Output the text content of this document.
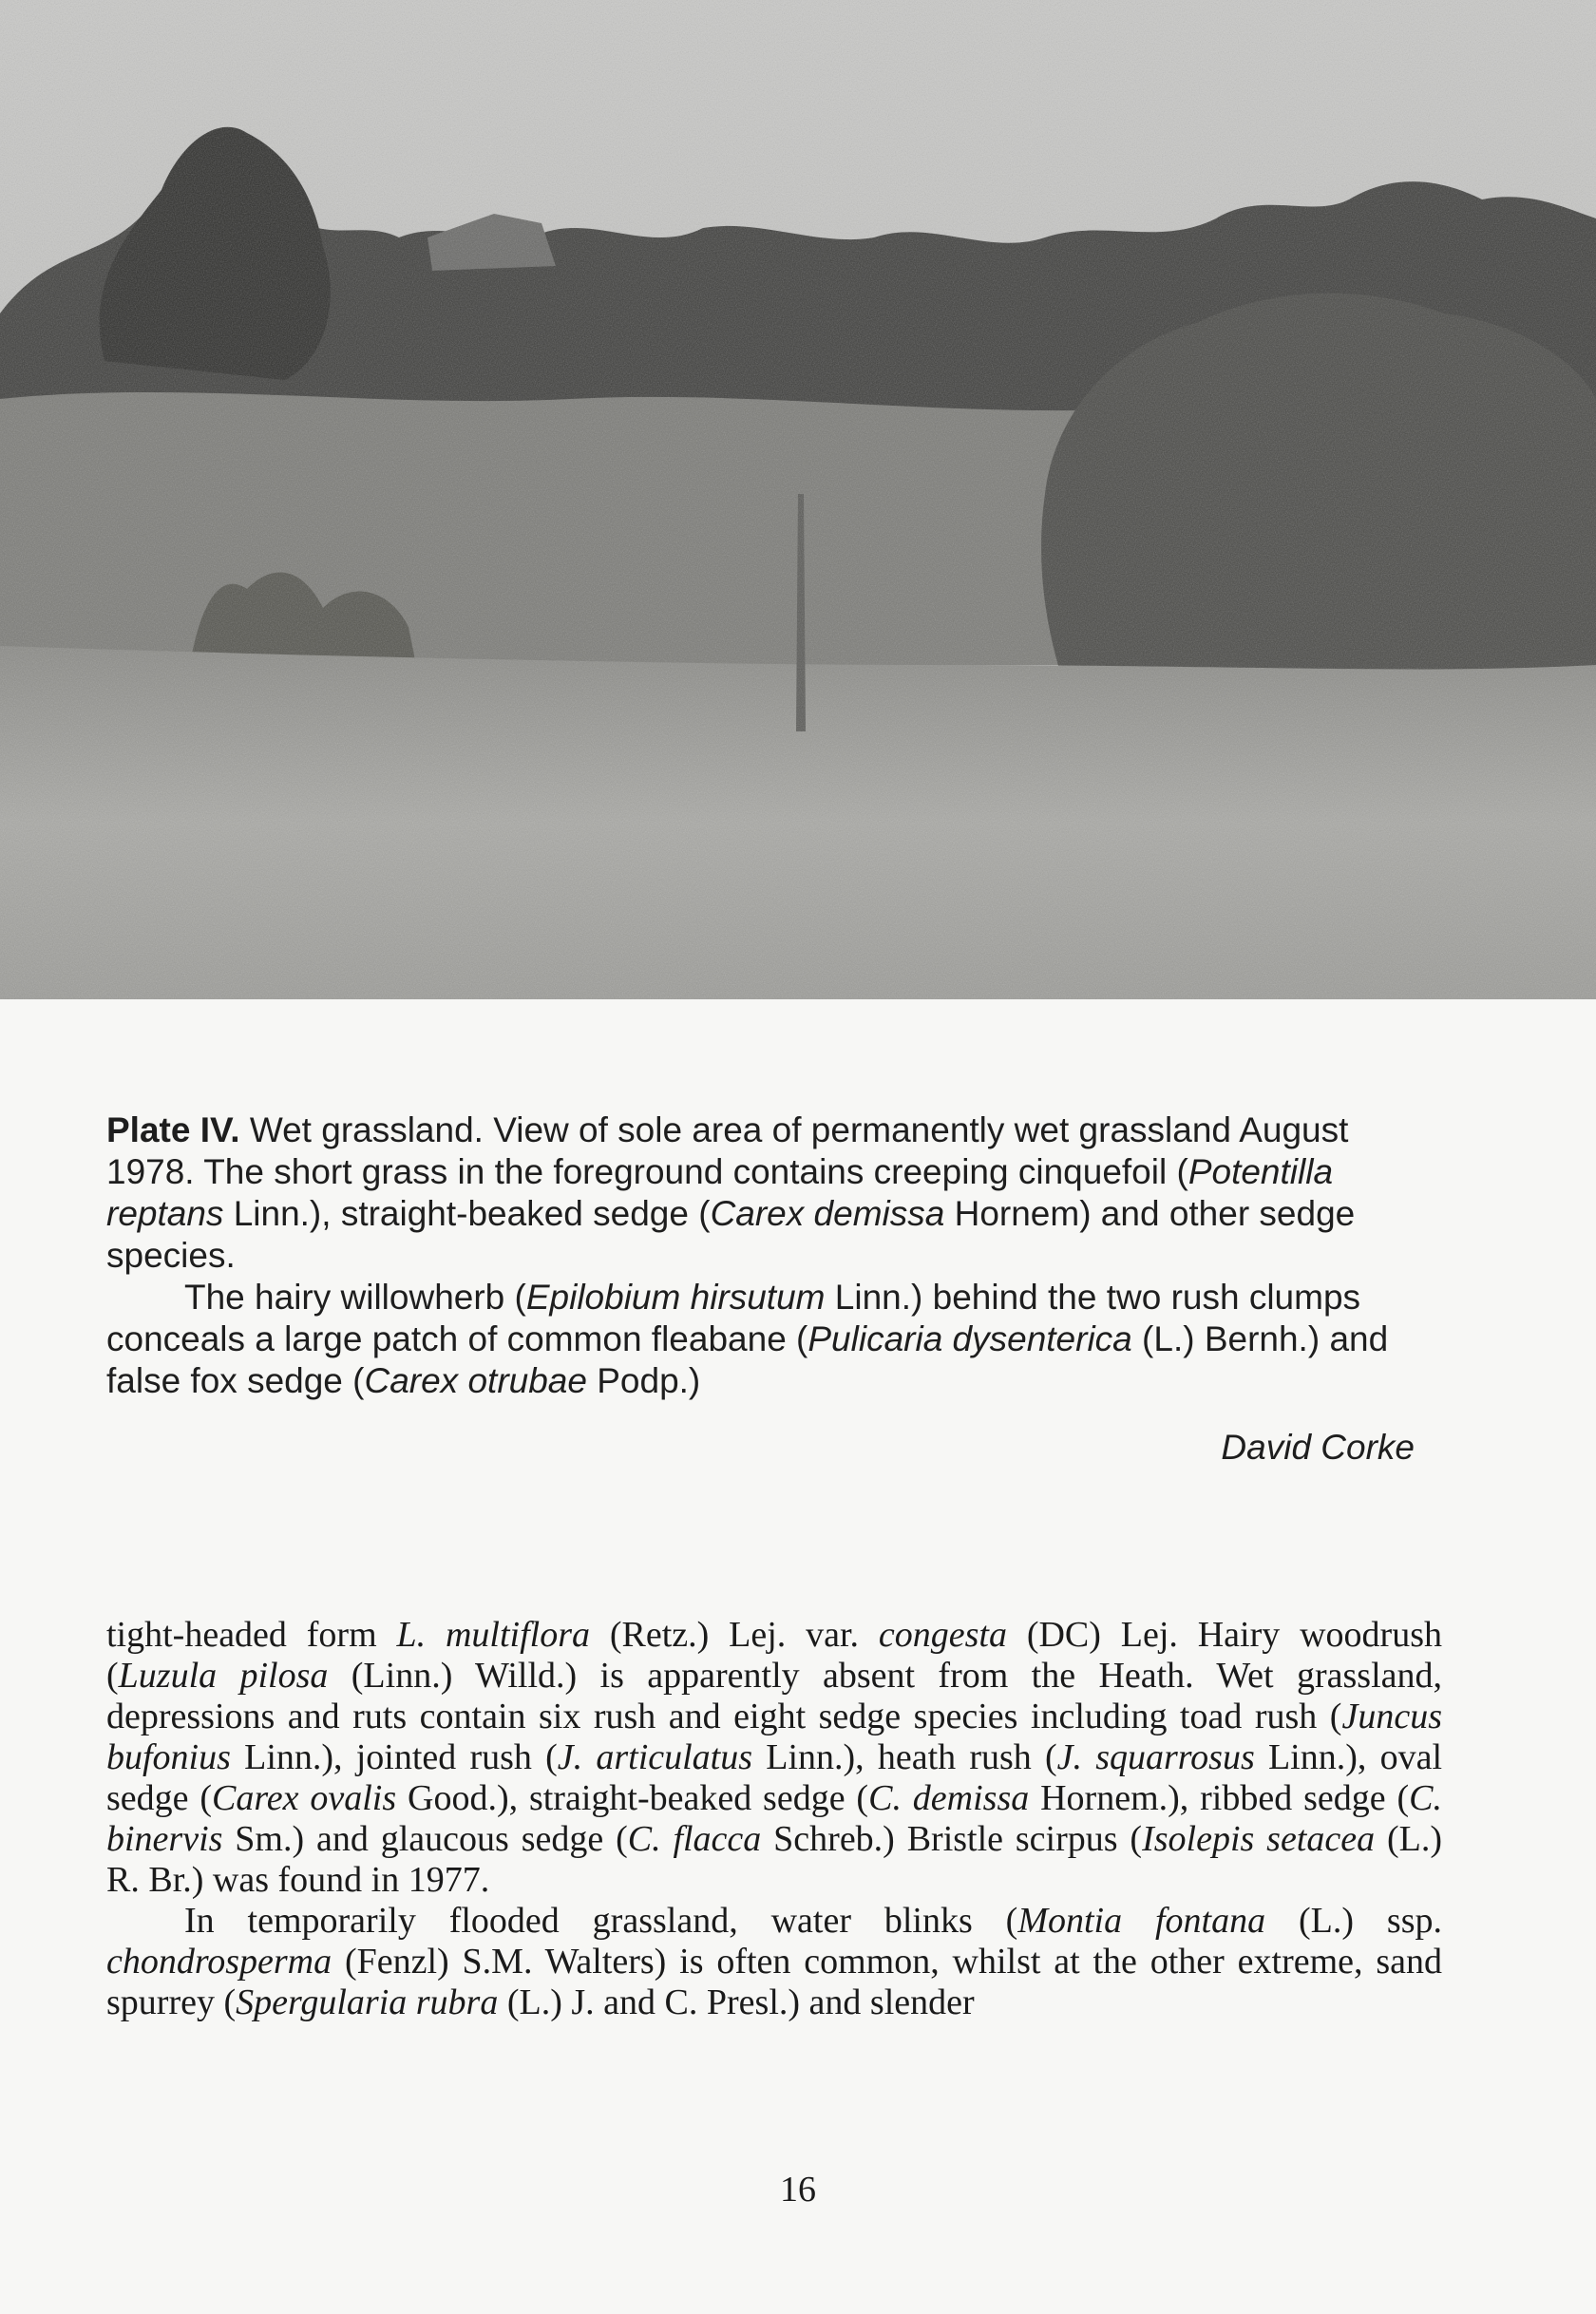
Plate IV. Wet grassland. View of sole area of permanently wet grassland August 1978. The short grass in the foreground contains creeping cinquefoil (Potentilla reptans Linn.), straight-beaked sedge (Carex demissa Hornem) and other sedge species.

The hairy willowherb (Epilobium hirsutum Linn.) behind the two rush clumps conceals a large patch of common fleabane (Pulicaria dysenterica (L.) Bernh.) and false fox sedge (Carex otrubae Podp.)

David Corke

tight-headed form L. multiflora (Retz.) Lej. var. congesta (DC) Lej. Hairy woodrush (Luzula pilosa (Linn.) Willd.) is apparently absent from the Heath. Wet grassland, depressions and ruts contain six rush and eight sedge species including toad rush (Juncus bufonius Linn.), jointed rush (J. articulatus Linn.), heath rush (J. squarrosus Linn.), oval sedge (Carex ovalis Good.), straight-beaked sedge (C. demissa Hornem.), ribbed sedge (C. binervis Sm.) and glaucous sedge (C. flacca Schreb.) Bristle scirpus (Isolepis setacea (L.) R. Br.) was found in 1977.

In temporarily flooded grassland, water blinks (Montia fontana (L.) ssp. chondrosperma (Fenzl) S.M. Walters) is often common, whilst at the other extreme, sand spurrey (Spergularia rubra (L.) J. and C. Presl.) and slender

16
